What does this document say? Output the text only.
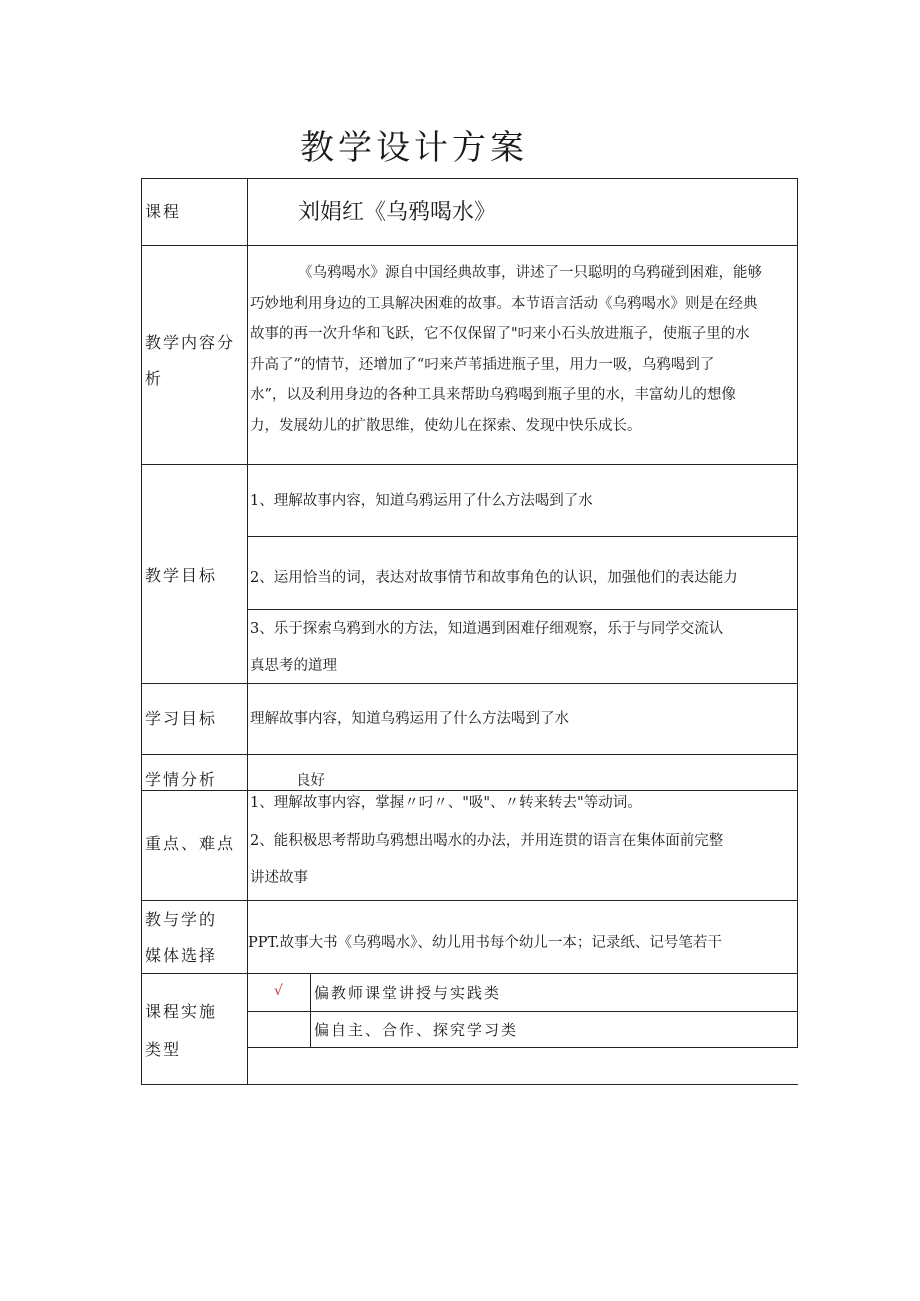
教学设计方案
课程	刘娟红《乌鸦喝水》
教学内容分
析
《乌鸦喝水》源自中国经典故事，讲述了一只聪明的乌鸦碰到困难，能够
巧妙地利用身边的工具解决困难的故事。本节语言活动《乌鸦喝水》则是在经典
故事的再一次升华和飞跃，它不仅保留了"叼来小石头放进瓶子，使瓶子里的水
升高了”的情节，还增加了“叼来芦苇插进瓶子里，用力一吸，乌鸦喝到了
水”，以及利用身边的各种工具来帮助乌鸦喝到瓶子里的水，丰富幼儿的想像
力，发展幼儿的扩散思维，使幼儿在探索、发现中快乐成长。
教学目标
1、理解故事内容，知道乌鸦运用了什么方法喝到了水
2、运用恰当的词，表达对故事情节和故事角色的认识，加强他们的表达能力
3、乐于探索乌鸦到水的方法，知道遇到困难仔细观察，乐于与同学交流认
真思考的道理
学习目标 理解故事内容，知道乌鸦运用了什么方法喝到了水
学情分析	良好
重点、难点
1、理解故事内容，掌握〃叼〃、"吸"、〃转来转去"等动词。
2、能积极思考帮助乌鸦想出喝水的办法，并用连贯的语言在集体面前完整
讲述故事
教与学的
媒体选择
PPT.故事大书《乌鸦喝水》、幼儿用书每个幼儿一本；记录纸、记号笔若干
课程实施
类型
√ 偏教师课堂讲授与实践类
偏自主、合作、探究学习类
